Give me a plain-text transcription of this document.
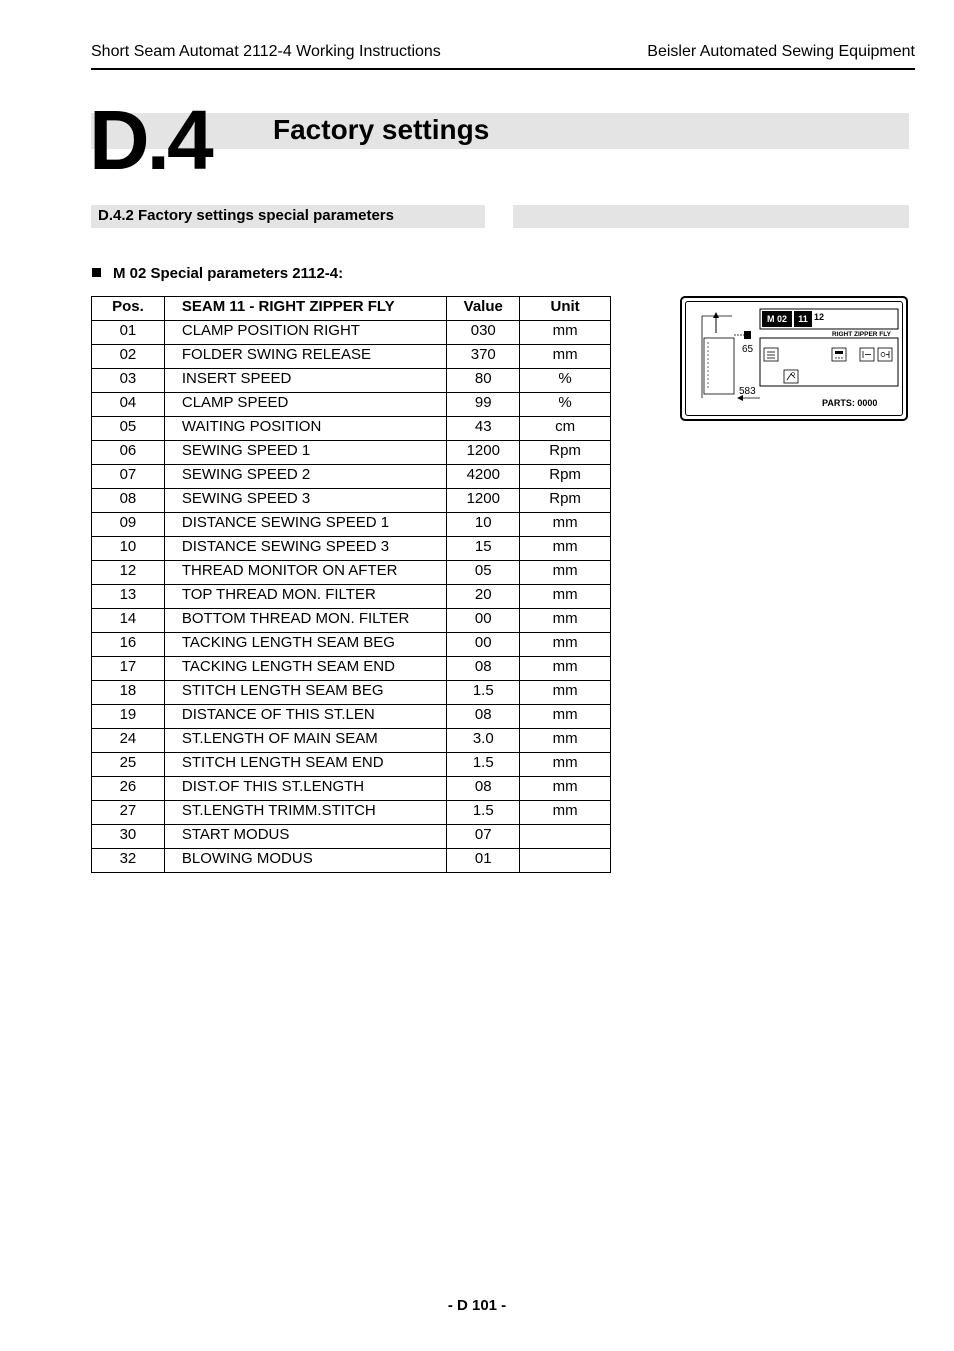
Short Seam Automat 2112-4 Working Instructions	Beisler Automated Sewing Equipment
D.4 Factory settings
D.4.2 Factory settings special parameters
M 02 Special parameters 2112-4:
Pos.	SEAM 11 - RIGHT ZIPPER FLY	Value	Unit
01	CLAMP POSITION RIGHT	030	mm
02	FOLDER SWING RELEASE	370	mm
03	INSERT SPEED	80	%
04	CLAMP SPEED	99	%
05	WAITING POSITION	43	cm
06	SEWING SPEED 1	1200	Rpm
07	SEWING SPEED 2	4200	Rpm
08	SEWING SPEED 3	1200	Rpm
09	DISTANCE SEWING SPEED 1	10	mm
10	DISTANCE SEWING SPEED 3	15	mm
12	THREAD MONITOR ON AFTER	05	mm
13	TOP THREAD MON. FILTER	20	mm
14	BOTTOM THREAD MON. FILTER	00	mm
16	TACKING LENGTH SEAM BEG	00	mm
17	TACKING LENGTH SEAM END	08	mm
18	STITCH LENGTH SEAM BEG	1.5	mm
19	DISTANCE OF THIS ST.LEN	08	mm
24	ST.LENGTH OF MAIN SEAM	3.0	mm
25	STITCH LENGTH SEAM END	1.5	mm
26	DIST.OF THIS ST.LENGTH	08	mm
27	ST.LENGTH TRIMM.STITCH	1.5	mm
30	START MODUS	07	
32	BLOWING MODUS	01	
M 02	11 12
RIGHT ZIPPER FLY
65
583
PARTS: 0000
- D 101 -
